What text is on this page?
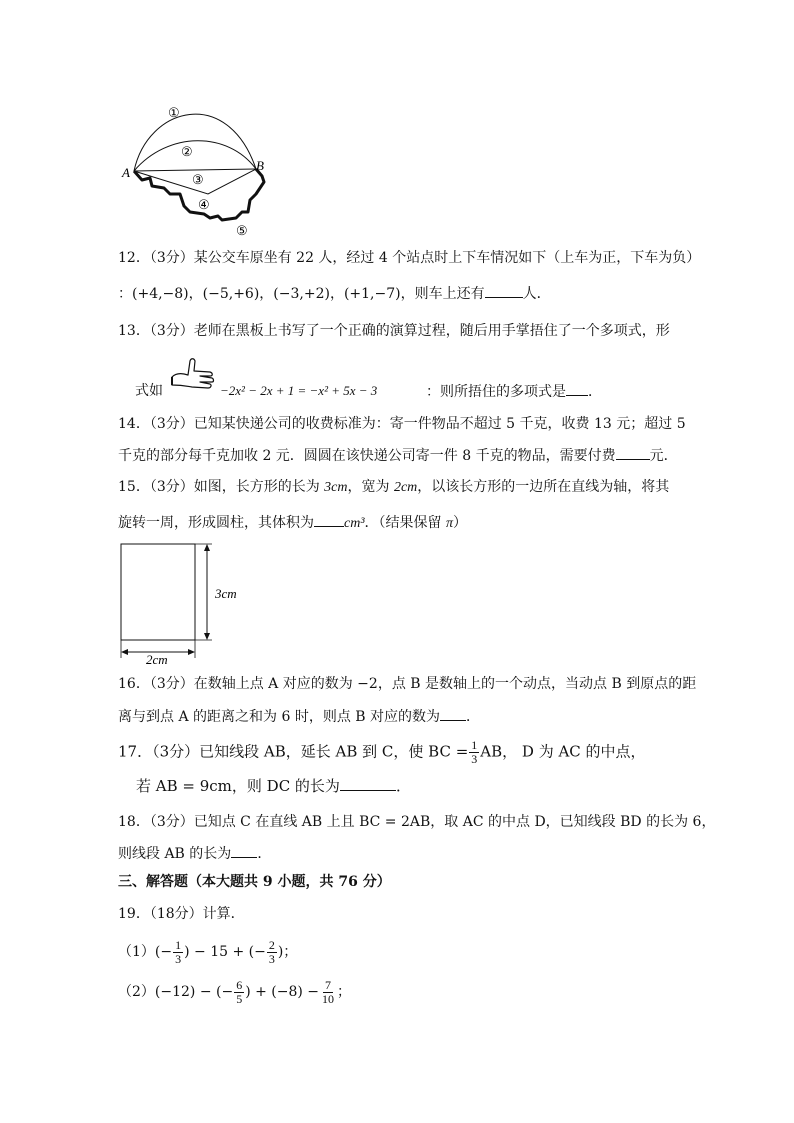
A	B
①
②
③
④
⑤
12．（3分）某公交车原坐有 22 人，经过 4 个站点时上下车情况如下（上车为正，下车为负）
：(+4,−8)，(−5,+6)，(−3,+2)，(+1,−7)，则车上还有	人．
13．（3分）老师在黑板上书写了一个正确的演算过程，随后用手掌捂住了一个多项式，形
式如	−2x² − 2x + 1 = −x² + 5x − 3	：则所捂住的多项式是 ．
14．（3分）已知某快递公司的收费标准为：寄一件物品不超过 5 千克，收费 13 元；超过 5
千克的部分每千克加收 2 元．圆圆在该快递公司寄一件 8 千克的物品，需要付费 元．
15．（3分）如图，长方形的长为 3cm，宽为 2cm，以该长方形的一边所在直线为轴，将其
旋转一周，形成圆柱，其体积为 cm³．（结果保留 π）
3cm
2cm
16．（3分）在数轴上点 A 对应的数为 −2，点 B 是数轴上的一个动点，当动点 B 到原点的距
离与到点 A 的距离之和为 6 时，则点 B 对应的数为 ．
17．（3分）已知线段 AB，延长 AB 到 C，使 BC = $\frac{1}{3}$ AB， D 为 AC 的中点，
若 AB = 9cm，则 DC 的长为	．
18．（3分）已知点 C 在直线 AB 上且 BC = 2AB，取 AC 的中点 D，已知线段 BD 的长为 6，
则线段 AB 的长为 ．
三、解答题（本大题共 9 小题，共 76 分）
19．（18分）计算．
$(1)(- \frac{1}{3}$ ) − 15 + (− $\frac{2}{3}$ )；
（2）(−12) − (− $\frac{6}{5}$ ) + $(-8) - \frac{7}{10}$ ；
